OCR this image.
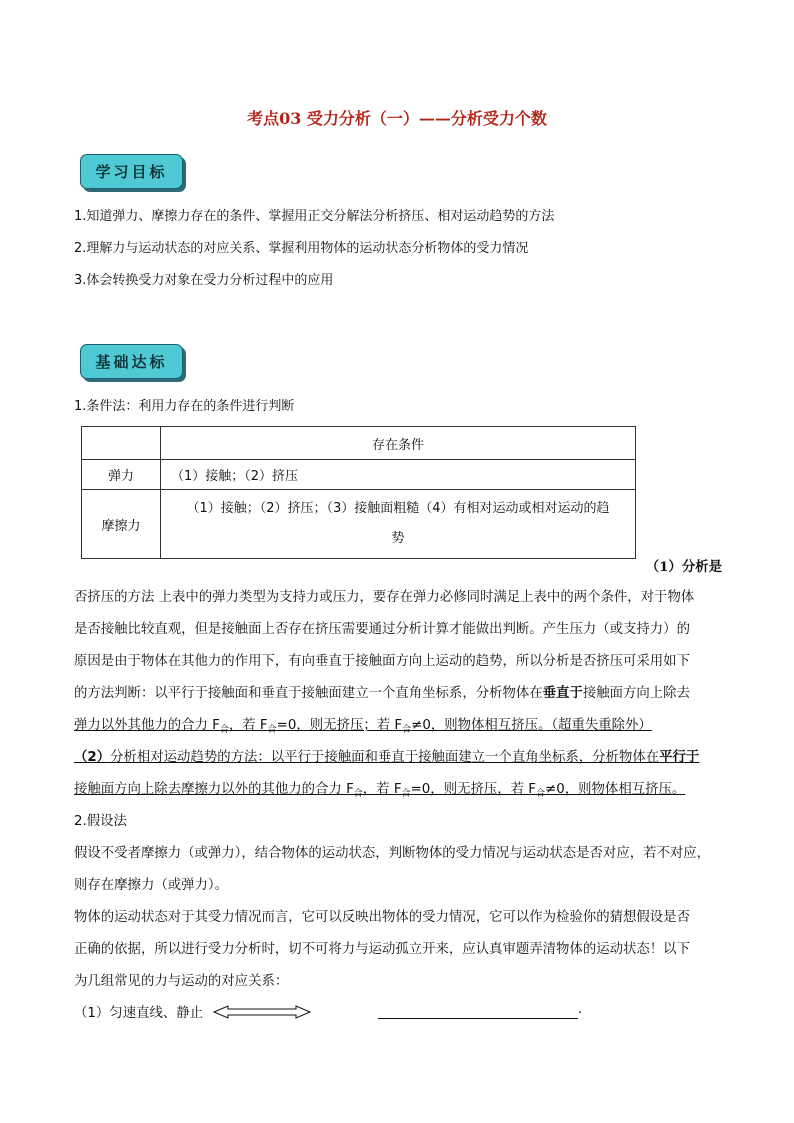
考点03 受力分析（一）——分析受力个数
学习目标
1.知道弹力、摩擦力存在的条件、掌握用正交分解法分析挤压、相对运动趋势的方法
2.理解力与运动状态的对应关系、掌握利用物体的运动状态分析物体的受力情况
3.体会转换受力对象在受力分析过程中的应用
基础达标
1.条件法：利用力存在的条件进行判断
	存在条件
弹力	（1）接触；（2）挤压
摩擦力	（1）接触；（2）挤压；（3）接触面粗糙（4）有相对运动或相对运动的趋
势
（1）分析是

否挤压的方法 上表中的弹力类型为支持力或压力，要存在弹力必修同时满足上表中的两个条件，对于物体

是否接触比较直观，但是接触面上否存在挤压需要通过分析计算才能做出判断。产生压力（或支持力）的

原因是由于物体在其他力的作用下，有向垂直于接触面方向上运动的趋势，所以分析是否挤压可采用如下

的方法判断：以平行于接触面和垂直于接触面建立一个直角坐标系，分析物体在垂直于接触面方向上除去

弹力以外其他力的合力 $F_合$，若 $F_合=0$，则无挤压；若 $F_合\ne 0$，则物体相互挤压。（超重失重除外）

（2）分析相对运动趋势的方法：以平行于接触面和垂直于接触面建立一个直角坐标系，分析物体在平行于

接触面方向上除去摩擦力以外的其他力的合力 $F_合$，若 $F_合=0$，则无挤压，若 $F_合\ne 0$，则物体相互挤压。

2.假设法

假设不受者摩擦力（或弹力），结合物体的运动状态，判断物体的受力情况与运动状态是否对应，若不对应，

则存在摩擦力（或弹力）。

物体的运动状态对于其受力情况而言，它可以反映出物体的受力情况，它可以作为检验你的猜想假设是否

正确的依据，所以进行受力分析时，切不可将力与运动孤立开来，应认真审题弄清物体的运动状态！以下

为几组常见的力与运动的对应关系：

（1）匀速直线、静止	.
